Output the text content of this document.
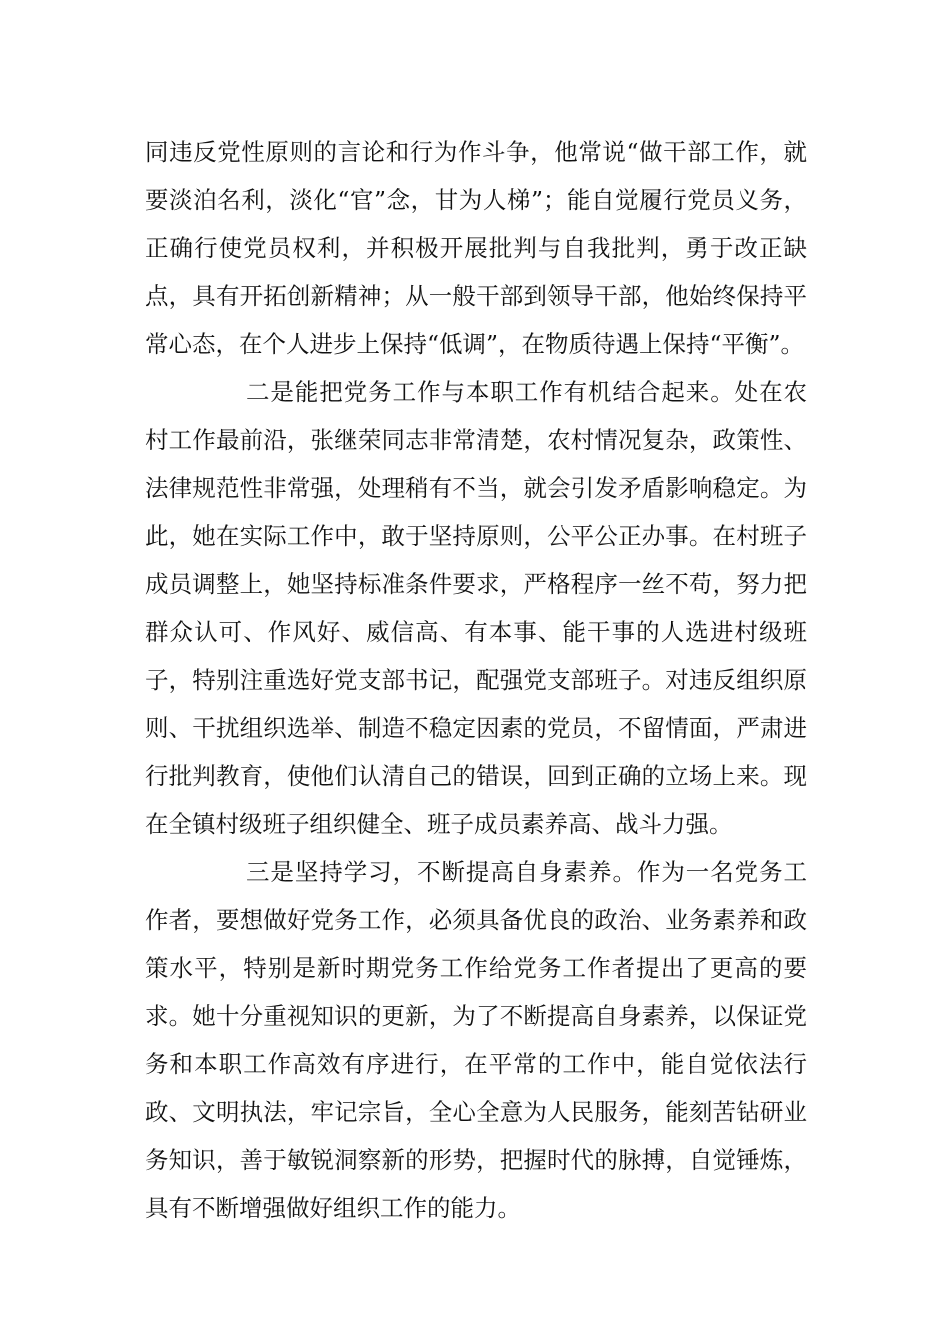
同违反党性原则的言论和行为作斗争，他常说“做干部工作，就要淡泊名利，淡化“官”念，甘为人梯”；能自觉履行党员义务，正确行使党员权利，并积极开展批判与自我批判，勇于改正缺点，具有开拓创新精神；从一般干部到领导干部，他始终保持平常心态，在个人进步上保持“低调”，在物质待遇上保持“平衡”。

二是能把党务工作与本职工作有机结合起来。处在农村工作最前沿，张继荣同志非常清楚，农村情况复杂，政策性、法律规范性非常强，处理稍有不当，就会引发矛盾影响稳定。为此，她在实际工作中，敢于坚持原则，公平公正办事。在村班子成员调整上，她坚持标准条件要求，严格程序一丝不苟，努力把群众认可、作风好、威信高、有本事、能干事的人选进村级班子，特别注重选好党支部书记，配强党支部班子。对违反组织原则、干扰组织选举、制造不稳定因素的党员，不留情面，严肃进行批判教育，使他们认清自己的错误，回到正确的立场上来。现在全镇村级班子组织健全、班子成员素养高、战斗力强。

三是坚持学习，不断提高自身素养。作为一名党务工作者，要想做好党务工作，必须具备优良的政治、业务素养和政策水平，特别是新时期党务工作给党务工作者提出了更高的要求。她十分重视知识的更新，为了不断提高自身素养，以保证党务和本职工作高效有序进行，在平常的工作中，能自觉依法行政、文明执法，牢记宗旨，全心全意为人民服务，能刻苦钻研业务知识，善于敏锐洞察新的形势，把握时代的脉搏，自觉锤炼，具有不断增强做好组织工作的能力。
